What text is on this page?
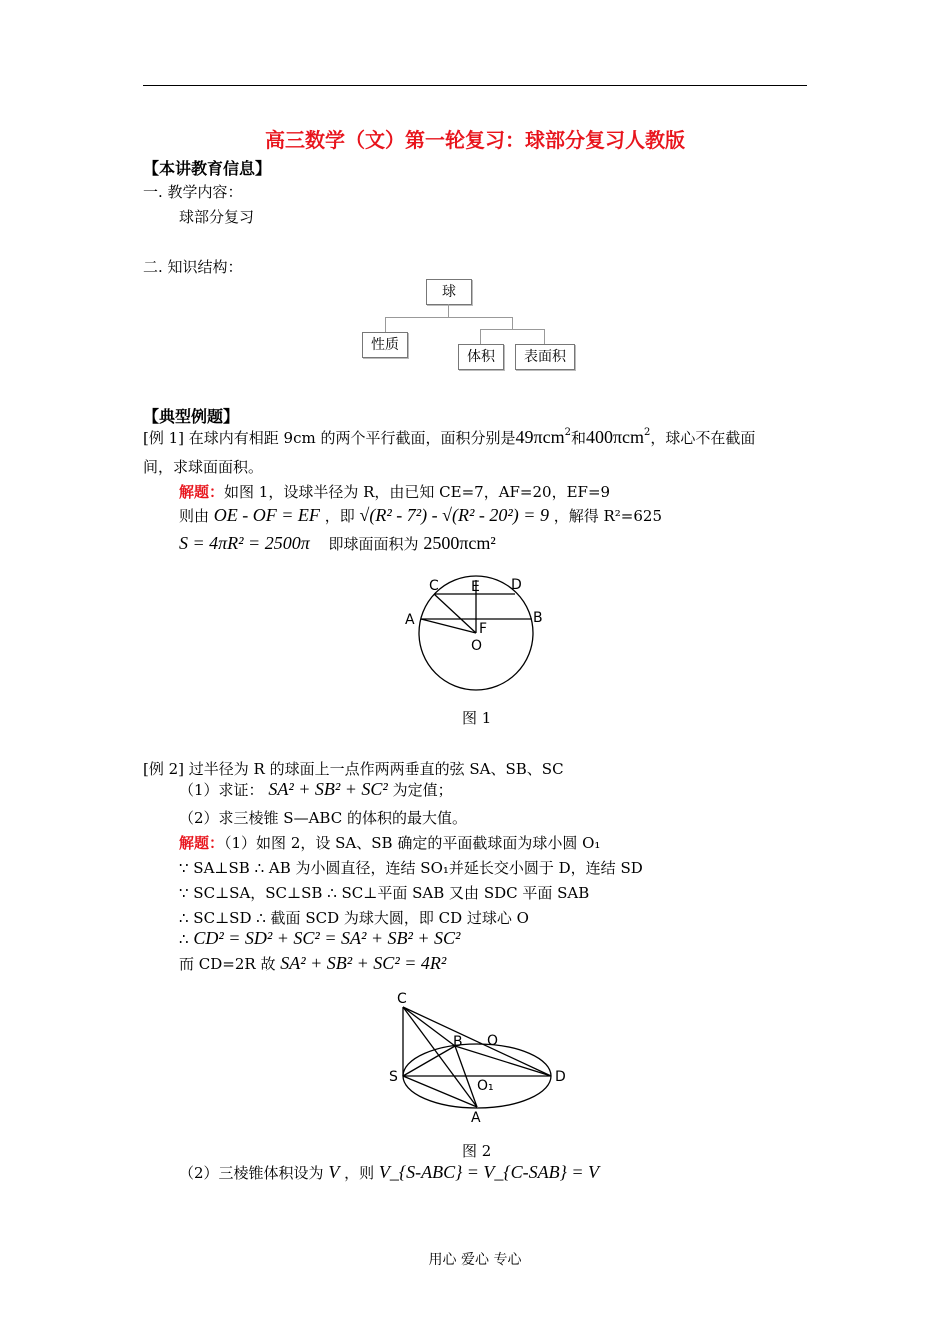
高三数学（文）第一轮复习：球部分复习人教版
【本讲教育信息】
一. 教学内容：
球部分复习
二. 知识结构：
球
性质
体积	表面积
【典型例题】
[例 1] 在球内有相距 9cm 的两个平行截面，面积分别是49πcm$^2$和400πcm$^2$，球心不在截面
间，求球面面积。
解题：如图 1，设球半径为 R，由已知 CE=7，AF=20，EF=9
则由 OE - OF = EF ，即 √(R² - 7²) - √(R² - 20²) = 9 ，解得 R²=625
S = 4πR² = 2500π 即球面面积为 2500πcm²
C E D
A	B
F
O
图 1
[例 2] 过半径为 R 的球面上一点作两两垂直的弦 SA、SB、SC
（1）求证： SA² + SB² + SC² 为定值；
（2）求三棱锥 S—ABC 的体积的最大值。
解题：（1）如图 2，设 SA、SB 确定的平面截球面为球小圆 O₁
∵ SA⊥SB ∴ AB 为小圆直径，连结 SO₁并延长交小圆于 D，连结 SD
∵ SC⊥SA，SC⊥SB ∴ SC⊥平面 SAB 又由 SDC 平面 SAB
∴ SC⊥SD ∴ 截面 SCD 为球大圆，即 CD 过球心 O
∴ CD² = SD² + SC² = SA² + SB² + SC²
而 CD=2R 故 SA² + SB² + SC² = 4R²
C
B O
S	D
O₁
A
图 2
（2）三棱锥体积设为 V ，则 V_{S-ABC} = V_{C-SAB} = V
用心 爱心 专心
